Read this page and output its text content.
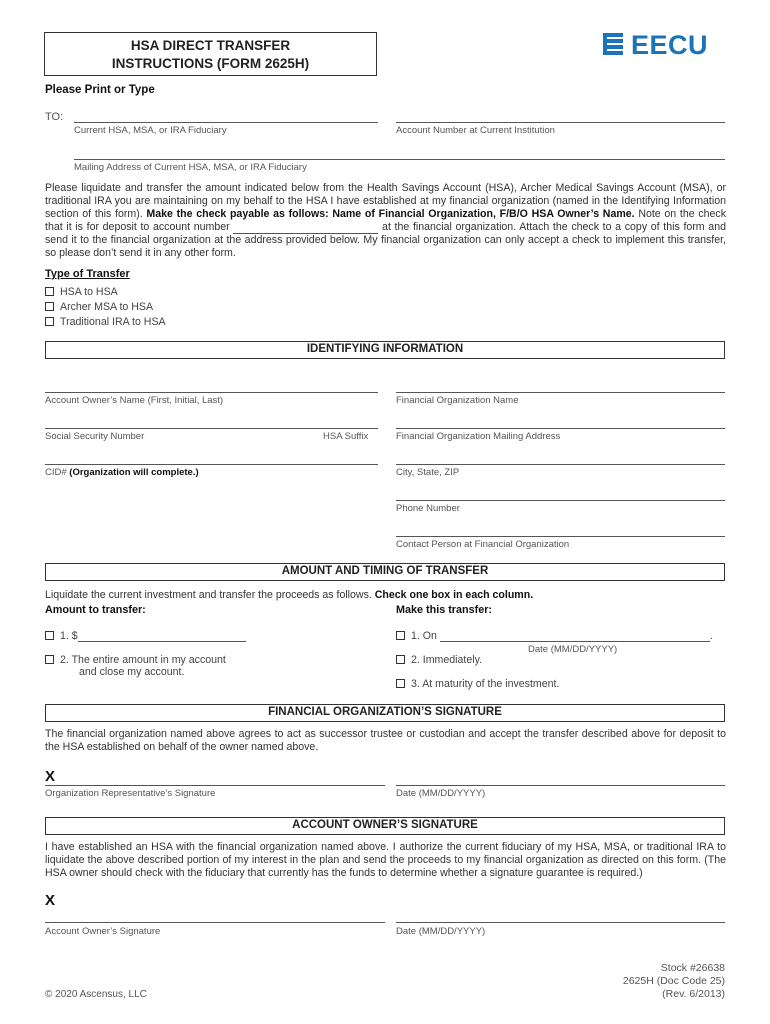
HSA DIRECT TRANSFER
INSTRUCTIONS (FORM 2625H)
EECU
Please Print or Type
TO:
Current HSA, MSA, or IRA Fiduciary	Account Number at Current Institution
Mailing Address of Current HSA, MSA, or IRA Fiduciary
Please liquidate and transfer the amount indicated below from the Health Savings Account (HSA), Archer Medical Savings Account (MSA), or traditional IRA you are maintaining on my behalf to the HSA I have established at my financial organization (named in the Identifying Information section of this form). Make the check payable as follows: Name of Financial Organization, F/B/O HSA Owner’s Name. Note on the check that it is for deposit to account number	at the financial organization. Attach the check to a copy of this form and send it to the financial organization at the address provided below. My financial organization can only accept a check to implement this transfer, so please don’t send it in any other form.
Type of Transfer
HSA to HSA
Archer MSA to HSA
Traditional IRA to HSA
IDENTIFYING INFORMATION
Account Owner’s Name (First, Initial, Last)	Financial Organization Name
Social Security Number	HSA Suffix	Financial Organization Mailing Address
CID# (Organization will complete.)	City, State, ZIP
Phone Number
Contact Person at Financial Organization
AMOUNT AND TIMING OF TRANSFER
Liquidate the current investment and transfer the proceeds as follows. Check one box in each column.
Amount to transfer:	Make this transfer:
1. $
2. The entire amount in my account
and close my account.
1. On	.
Date (MM/DD/YYYY)
2. Immediately.
3. At maturity of the investment.
FINANCIAL ORGANIZATION’S SIGNATURE
The financial organization named above agrees to act as successor trustee or custodian and accept the transfer described above for deposit to the HSA established on behalf of the owner named above.
X
Organization Representative’s Signature	Date (MM/DD/YYYY)
ACCOUNT OWNER’S SIGNATURE
I have established an HSA with the financial organization named above. I authorize the current fiduciary of my HSA, MSA, or traditional IRA to liquidate the above described portion of my interest in the plan and send the proceeds to my financial organization as directed on this form. (The HSA owner should check with the fiduciary that currently has the funds to determine whether a signature guarantee is required.)
X
Account Owner’s Signature	Date (MM/DD/YYYY)
© 2020 Ascensus, LLC
Stock #26638
2625H (Doc Code 25)
(Rev. 6/2013)
